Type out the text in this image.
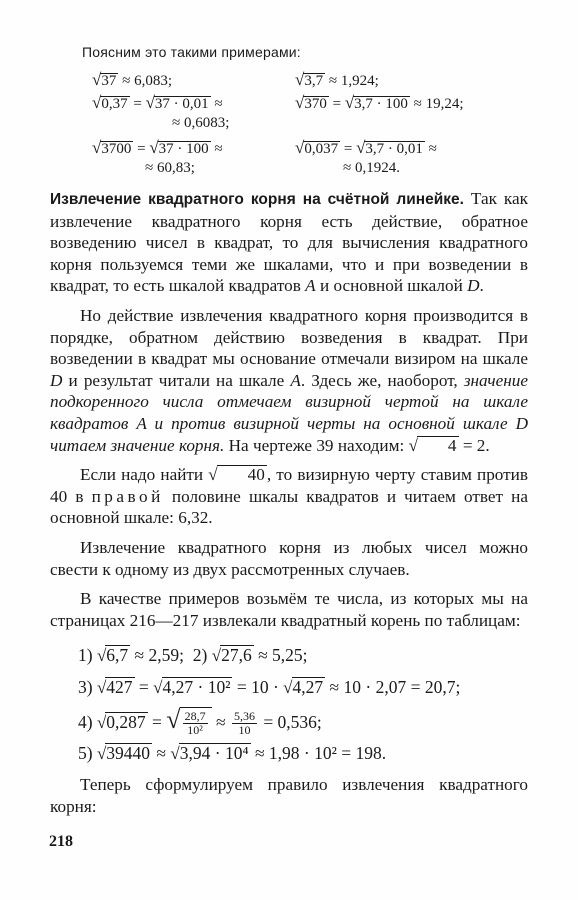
Поясним это такими примерами:
√37 ≈ 6,083;
√0,37 = √37 · 0,01 ≈
≈ 0,6083;
√3700 = √37 · 100 ≈
≈ 60,83;
√3,7 ≈ 1,924;
√370 = √3,7 · 100 ≈ 19,24;
√0,037 = √3,7 · 0,01 ≈
≈ 0,1924.

Извлечение квадратного корня на счётной линейке. Так как извлечение квадратного корня есть действие, обратное возведению чисел в квадрат, то для вычисления квадратного корня пользуемся теми же шкалами, что и при возведении в квадрат, то есть шкалой квадратов A и основной шкалой D.

Но действие извлечения квадратного корня производится в порядке, обратном действию возведения в квадрат. При возведении в квадрат мы основание отмечали визиром на шкале D и результат читали на шкале A. Здесь же, наоборот, значение подкоренного числа отмечаем визирной чертой на шкале квадратов A и против визирной черты на основной шкале D читаем значение корня. На чертеже 39 находим: √ 4 = 2.

Если надо найти √ 40 , то визирную черту ставим против 40 в правой половине шкалы квадратов и читаем ответ на основной шкале: 6,32.

Извлечение квадратного корня из любых чисел можно свести к одному из двух рассмотренных случаев.

В качестве примеров возьмём те числа, из которых мы на страницах 216—217 извлекали квадратный корень по таблицам:

1) √6,7 ≈ 2,59; 2) √27,6 ≈ 5,25;
3) √427 = √4,27 · 10² = 10 · √4,27 ≈ 10 · 2,07 = 20,7;
4) √0,287 = √ $\frac{28,7}{\text{10²}} \approx \frac{5,36}{10} = 0,536$;
5) √39440 ≈ √3,94 · 10⁴ ≈ 1,98 · 10² = 198.
Теперь сформулируем правило извлечения квадратного корня:
218
